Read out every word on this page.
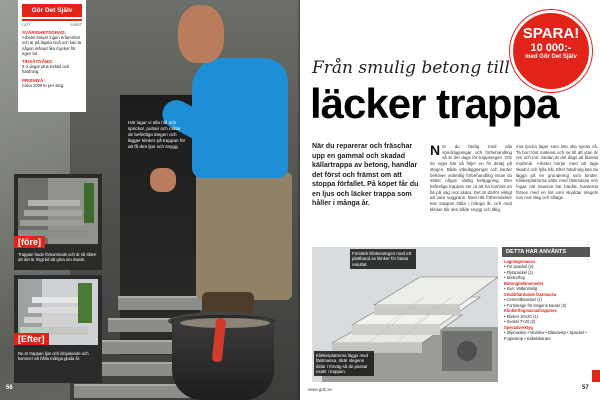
Gör Det Själv
LÄTT	SVÅRT
SVÅRIGHETSGRAD:
Arbetet kräver ingen erfarenhet och är på lägsta nivå och kan ta någon månad lika mycket för egen tid.
TIDSÅTGÅNG:
3-4 dagar plus torktid och härdning.
PRISNIVÅ:
Cirka 1000 kr per steg.
Här lagar vi alla hål och sprickor, putsar och målar de befintliga stegen och lägger klinker på trappan för att få den ljus och snygg.
[före]
Trappan hade försummats och är så sliten att det är högt tid att göra om insats.
[Efter]
Nu är trappan ljus och inbjudande och kommer att hålla många glada år.
56
SPARA!
10 000:-
med Gör Det Själv
Från smulig betong till
läcker trappa
När du reparerar och fräschar upp en gammal och skadad källartrappa av betong, handlar det först och främst om att stoppa förfallet. På köpet får du en ljus och läcker trappa som håller i många år.
När du färdig med alla spricklagningar och förbehandling så är det dags för trappstegen. Gör du inget här så följer en fin detalj på stegen. Både ytbeläggningar och kanter behöver ordentlig förbehandling innan du sätter någon slutlig beläggning. Den befintliga trappan ser ut att ha kommit en bit på väg mot slutet. Det är därför viktigt att vara noggrann. Med rätt förberedelser kan trappan hålla i många år, och med klinker blir den både snygg och tålig.
mot tjocka lager som inte ska synas så. Ta bort löst material och se till att ytan är ren och torr. Sedan är det dags att blanda murbruk. Arbetet börjar med att laga skador och fylla hål. Efter härdning kan du lägga på en grundering som binder. Klinkerplattorna sätts med fästmassa och fogas när massan har härdat. Kanterna förses med en list som skyddar stegets nos mot slag och slitage.
Förstärk klinkerstegen med ett plattband av klinker för bästa resultat.
Klinkerplattorna läggs med fästmassa. Skär stegens delar i förväg så de passar exakt i trappan.
DETTA HAR ANVÄNTS
Lagningsmassa
• Fin spackel (2)
• Flytspackel (1)
• Klinkerfog
Betongbelänsmedel
• Kan: Vattenlöslig
Snabbhärdande fästmassa
• Cementbaserad (1)
• Formkrage för stegens kanter (2)
Klinker/fogmassa/trappnos
• Klinker 20×20 (1)
• Sockel 7×20 (2)
Specialverktyg
• Slipmaskin • Murslev • Blandvisp • Spackel • Fogsvamp • Kakelskärare
www.gds.se	57
